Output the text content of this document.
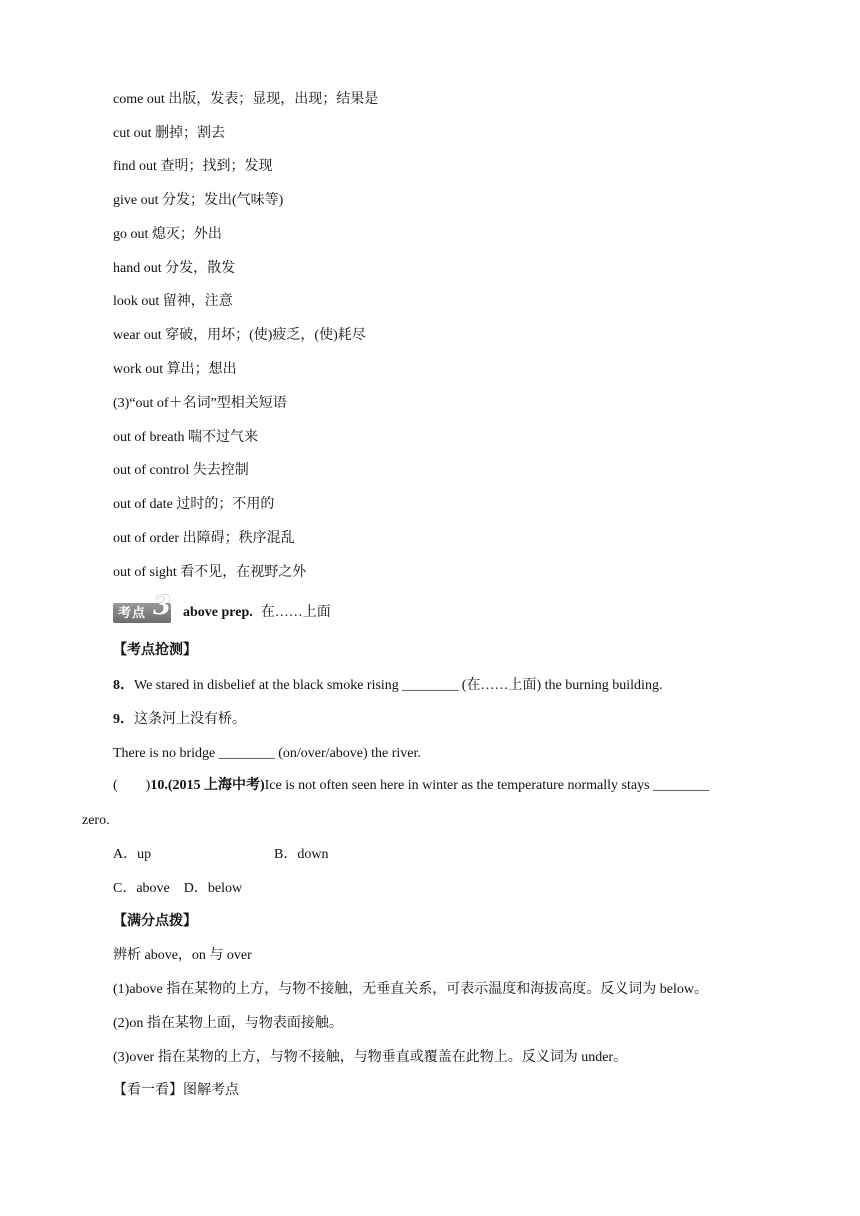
come out 出版，发表；显现，出现；结果是
cut out 删掉；割去
find out 查明；找到；发现
give out 分发；发出(气味等)
go out 熄灭；外出
hand out 分发，散发
look out 留神，注意
wear out 穿破，用坏；(使)疲乏，(使)耗尽
work out 算出；想出
(3)“out of＋名词”型相关短语
out of breath 喘不过气来
out of control 失去控制
out of date 过时的；不用的
out of order 出障碍；秩序混乱
out of sight 看不见，在视野之外
考点 3 above prep. 在……上面
【考点抢测】
8．We stared in disbelief at the black smoke rising ________ (在……上面) the burning building.
9．这条河上没有桥。
There is no bridge ________ (on/over/above) the river.
(　　)10.(2015 上海中考)Ice is not often seen here in winter as the temperature normally stays ________
zero.
A．up	B．down
C．above D．below
【满分点拨】
辨析 above，on 与 over
(1)above 指在某物的上方，与物不接触，无垂直关系，可表示温度和海拔高度。反义词为 below。
(2)on 指在某物上面，与物表面接触。
(3)over 指在某物的上方，与物不接触，与物垂直或覆盖在此物上。反义词为 under。
【看一看】图解考点
